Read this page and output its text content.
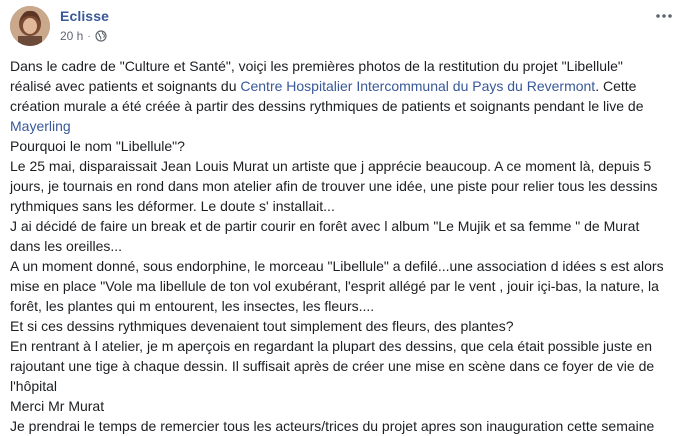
Eclisse
20 h ·

Dans le cadre de "Culture et Santé", voiçi les premières photos de la restitution du projet "Libellule"

réalisé avec patients et soignants du Centre Hospitalier Intercommunal du Pays du Revermont. Cette

création murale a été créée à partir des dessins rythmiques de patients et soignants pendant le live de

Mayerling

Pourquoi le nom "Libellule"?

Le 25 mai, disparaissait Jean Louis Murat un artiste que j apprécie beaucoup. A ce moment là, depuis 5

jours, je tournais en rond dans mon atelier afin de trouver une idée, une piste pour relier tous les dessins

rythmiques sans les déformer. Le doute s' installait...

J ai décidé de faire un break et de partir courir en forêt avec l album "Le Mujik et sa femme " de Murat

dans les oreilles...

A un moment donné, sous endorphine, le morceau "Libellule" a defilé...une association d idées s est alors

mise en place "Vole ma libellule de ton vol exubérant, l'esprit allégé par le vent , jouir içi-bas, la nature, la

forêt, les plantes qui m entourent, les insectes, les fleurs....

Et si ces dessins rythmiques devenaient tout simplement des fleurs, des plantes?

En rentrant à l atelier, je m aperçois en regardant la plupart des dessins, que cela était possible juste en

rajoutant une tige à chaque dessin. Il suffisait après de créer une mise en scène dans ce foyer de vie de

l'hôpital

Merci Mr Murat

Je prendrai le temps de remercier tous les acteurs/trices du projet apres son inauguration cette semaine
